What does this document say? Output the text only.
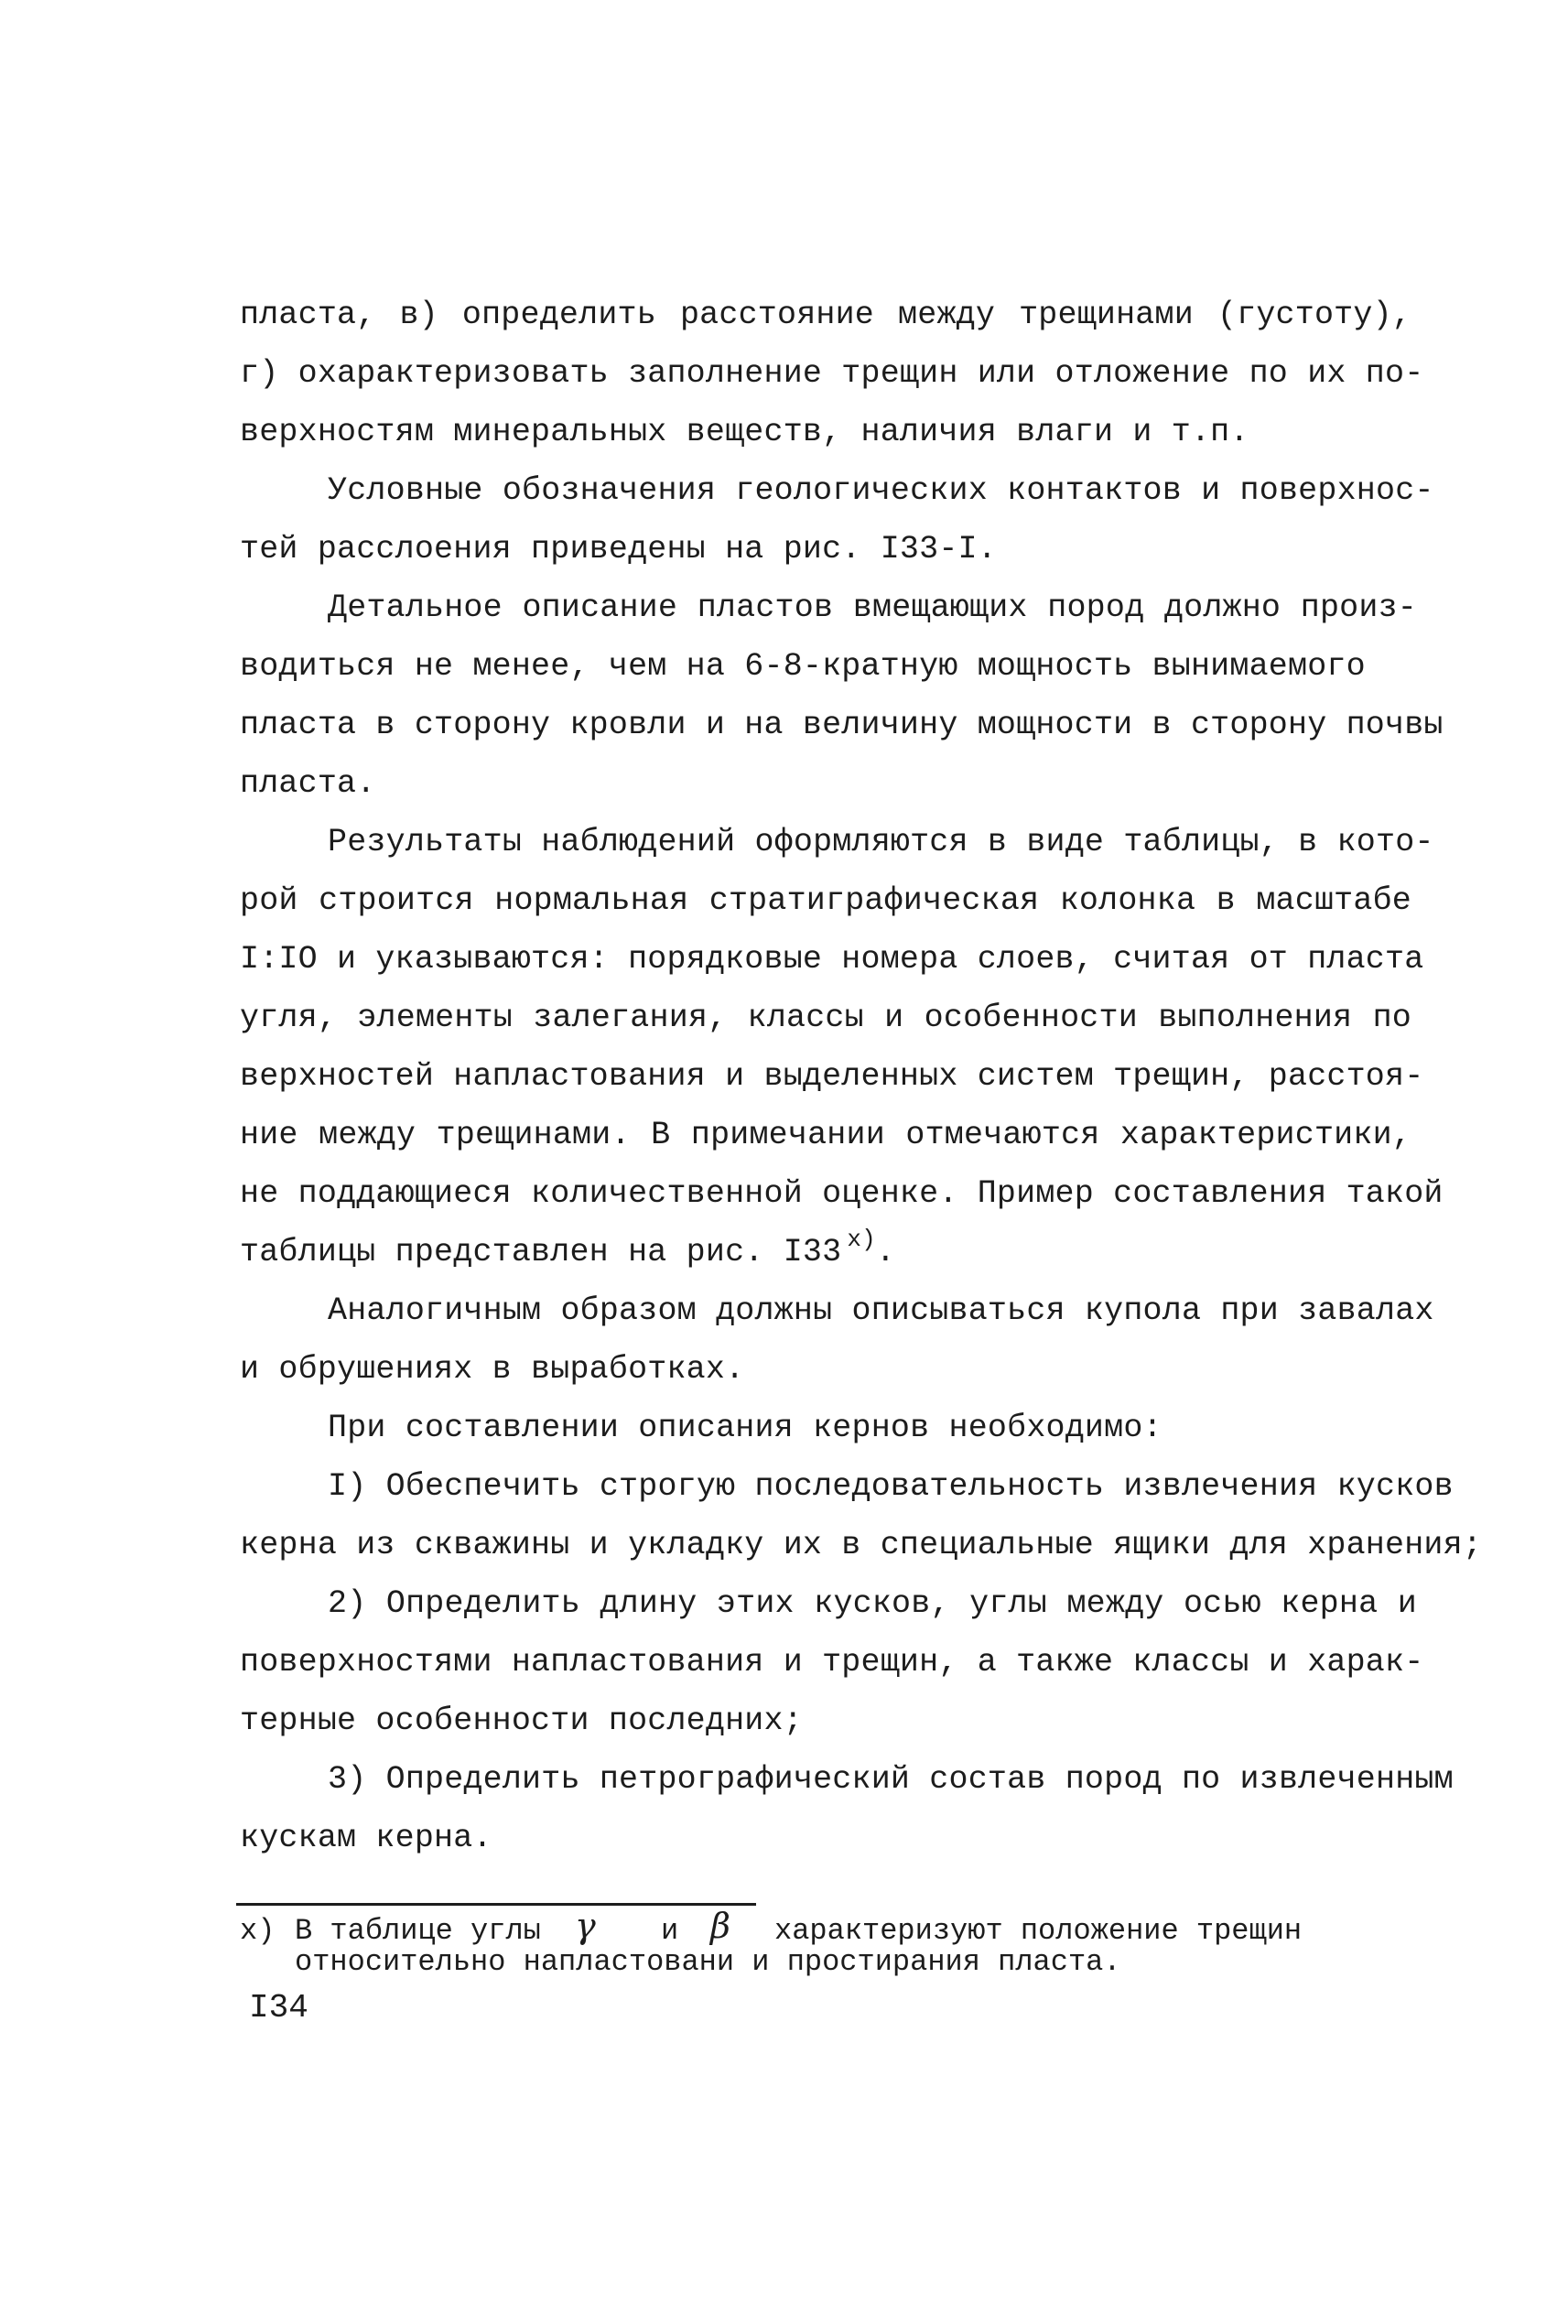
пласта, в) определить расстояние между трещинами (густоту),
г) охарактеризовать заполнение трещин или отложение по их по-
верхностям минеральных веществ, наличия влаги и т.п.
Условные обозначения геологических контактов и поверхнос-
тей расслоения приведены на рис. I33-I.
Детальное описание пластов вмещающих пород должно произ-
водиться не менее, чем на 6-8-кратную мощность вынимаемого
пласта в сторону кровли и на величину мощности в сторону почвы
пласта.
Результаты наблюдений оформляются в виде таблицы, в кото-
рой строится нормальная стратиграфическая колонка в масштабе
I:IO и указываются: порядковые номера слоев, считая от пласта
угля, элементы залегания, классы и особенности выполнения по
верхностей напластования и выделенных систем трещин, расстоя-
ние между трещинами. В примечании отмечаются характеристики,
не поддающиеся количественной оценке. Пример составления такой
таблицы представлен на рис. I33 $^{x)}$.
Аналогичным образом должны описываться купола при завалах
и обрушениях в выработках.
При составлении описания кернов необходимо:
I) Обеспечить строгую последовательность извлечения кусков
керна из скважины и укладку их в специальные ящики для хранения;
2) Определить длину этих кусков, углы между осью керна и
поверхностями напластования и трещин, а также классы и харак-
терные особенности последних;
3) Определить петрографический состав пород по извлеченным
кускам керна.
x) В таблице углы γ и β характеризуют положение трещин
относительно напластовани и простирания пласта.
I34
